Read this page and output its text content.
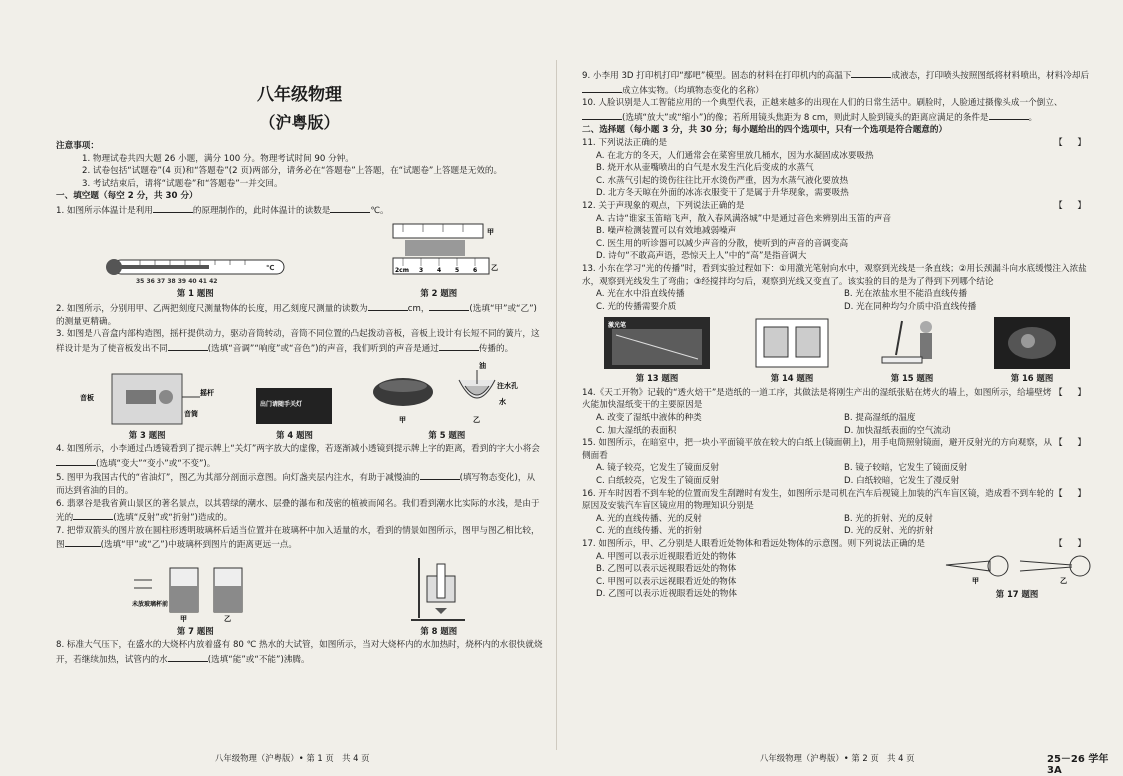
八年级物理
（沪粤版）
注意事项：
1. 物理试卷共四大题 26 小题，满分 100 分。物理考试时间 90 分钟。
2. 试卷包括“试题卷”(4 页)和“答题卷”(2 页)两部分，请务必在“答题卷”上答题，在“试题卷”上答题是无效的。
3. 考试结束后，请将“试题卷”和“答题卷”一并交回。
一、填空题（每空 2 分，共 30 分）
1. 如图所示体温计是利用	的原理制作的，此时体温计的读数是	℃。
35 36 37 38 39 40 41 42
℃
第 1 题图
2cm 3 4 5 6
甲
乙
第 2 题图
2. 如图所示，分别用甲、乙两把刻度尺测量物体的长度，用乙刻度尺测量的读数为	cm，	(选填“甲”或“乙”)的测量更精确。
3. 如图是八音盒内部构造图，摇杆提供动力，驱动音筒转动，音筒不同位置的凸起拨动音板，音板上设计有长短不同的簧片，这样设计是为了使音板发出不同	(选填“音调”“响度”或“音色”)的声音，我们听到的声音是通过	传播的。
音板
音筒
摇杆
第 3 题图
出门请随手关灯
第 4 题图
油
注水孔
水
甲	乙
第 5 题图
4. 如图所示，小李通过凸透镜看到了提示牌上“关灯”两字放大的虚像，若逐渐减小透镜到提示牌上字的距离，看到的字大小将会(选填“变大”“变小”或“不变”)。
5. 图甲为我国古代的“省油灯”，图乙为其部分剖面示意图。向灯盏夹层内注水，有助于减慢油的	(填写物态变化)，从而达到省油的目的。
6. 翡翠谷是我省黄山景区的著名景点，以其碧绿的潮水、层叠的瀑布和茂密的植被而闻名。我们看到潮水比实际的水浅，是由于光的	(选填“反射”或“折射”)造成的。
7. 把带双箭头的图片放在圆柱形透明玻璃杯后适当位置并在玻璃杯中加入适量的水，看到的情景如图所示，图甲与图乙相比较，图	(选填“甲”或“乙”)中玻璃杯到图片的距离更远一点。
未放玻璃杯前
甲	乙
第 7 题图	第 8 题图
8. 标准大气压下，在盛水的大烧杯内放着盛有 80 ℃ 热水的大试管，如图所示，当对大烧杯内的水加热时，烧杯内的水很快就烧开，若继续加热，试管内的水	(选填“能”或“不能”)沸腾。
八年级物理（沪粤版）• 第 1 页　共 4 页
9. 小李用 3D 打印机打印“鄢吧”模型。固态的材料在打印机内的高温下	成液态，打印喷头按照图纸将材料喷出，材料冷却后成立体实物。（均填物态变化的名称）
10. 人脸识别是人工智能应用的一个典型代表，正越来越多的出现在人们的日常生活中。刷脸时，人脸通过摄像头成一个倒立、(选填“放大”或“缩小”)的像；若所用镜头焦距为 8 cm，则此时人脸到镜头的距离应满足的条件是	。
二、选择题（每小题 3 分，共 30 分；每小题给出的四个选项中，只有一个选项是符合题意的）
【 】
11. 下列说法正确的是
A. 在北方的冬天，人们通常会在菜窖里放几桶水，因为水凝固成冰要吸热
B. 烧开水从壶嘴喷出的白气是水发生汽化后变成的水蒸气
C. 水蒸气引起的烫伤往往比开水烫伤严重，因为水蒸气液化要放热
D. 北方冬天晾在外面的冰冻衣服变干了是属于升华现象，需要吸热
【 】
12. 关于声现象的观点，下列说法正确的是
A. 古诗“谁家玉笛暗飞声，散入春风满洛城”中是通过音色来辨别出玉笛的声音
B. 噪声检测装置可以有效地减弱噪声
C. 医生用的听诊器可以减少声音的分散，使听到的声音的音调变高
D. 诗句“不敢高声语，恐惊天上人”中的“高”是指音调大
13. 小东在学习“光的传播”时，看到实验过程如下：①用激光笔射向水中，观察到光线是一条直线；②用长颈漏斗向水底缓慢注入浓盐水，观察到光线发生了弯曲；③经搅拌均匀后，观察到光线又变直了。该实验的目的是为了得到下列哪个结论
A. 光在水中沿直线传播	B. 光在浓盐水里不能沿直线传播
C. 光的传播需要介质	D. 光在同种均匀介质中沿直线传播
激光笔
第 13 题图	第 14 题图	第 15 题图	第 16 题图
【 】
14.《天工开物》记载的“透火焙干”是造纸的一道工序，其做法是将刚生产出的湿纸张贴在烤火的墙上，如图所示，给墙壁烤火能加快湿纸变干的主要原因是
A. 改变了湿纸中液体的种类	B. 提高湿纸的温度
C. 加大湿纸的表面积	D. 加快湿纸表面的空气流动
【 】
15. 如图所示，在暗室中，把一块小平面镜平放在较大的白纸上(镜面朝上)，用手电筒照射镜面，避开反射光的方向观察，从侧面看
A. 镜子较亮，它发生了镜面反射	B. 镜子较暗，它发生了镜面反射
C. 白纸较亮，它发生了镜面反射	D. 白纸较暗，它发生了漫反射
【 】
16. 开车时因看不到车轮的位置而发生刮蹭时有发生，如图所示是司机在汽车后视镜上加装的汽车盲区镜，造成看不到车轮的原因及安装汽车盲区镜应用的物理知识分别是
A. 光的直线传播、光的反射	B. 光的折射、光的反射
C. 光的直线传播、光的折射	D. 光的反射、光的折射
【 】
17. 如图所示，甲、乙分别是人眼看近处物体和看远处物体的示意图。则下列说法正确的是
A. 甲图可以表示近视眼看近处的物体
B. 乙图可以表示远视眼看远处的物体
C. 甲图可以表示远视眼看近处的物体
D. 乙图可以表示近视眼看远处的物体
甲	乙
第 17 题图
八年级物理（沪粤版）• 第 2 页　共 4 页	25－26 学年 3A
